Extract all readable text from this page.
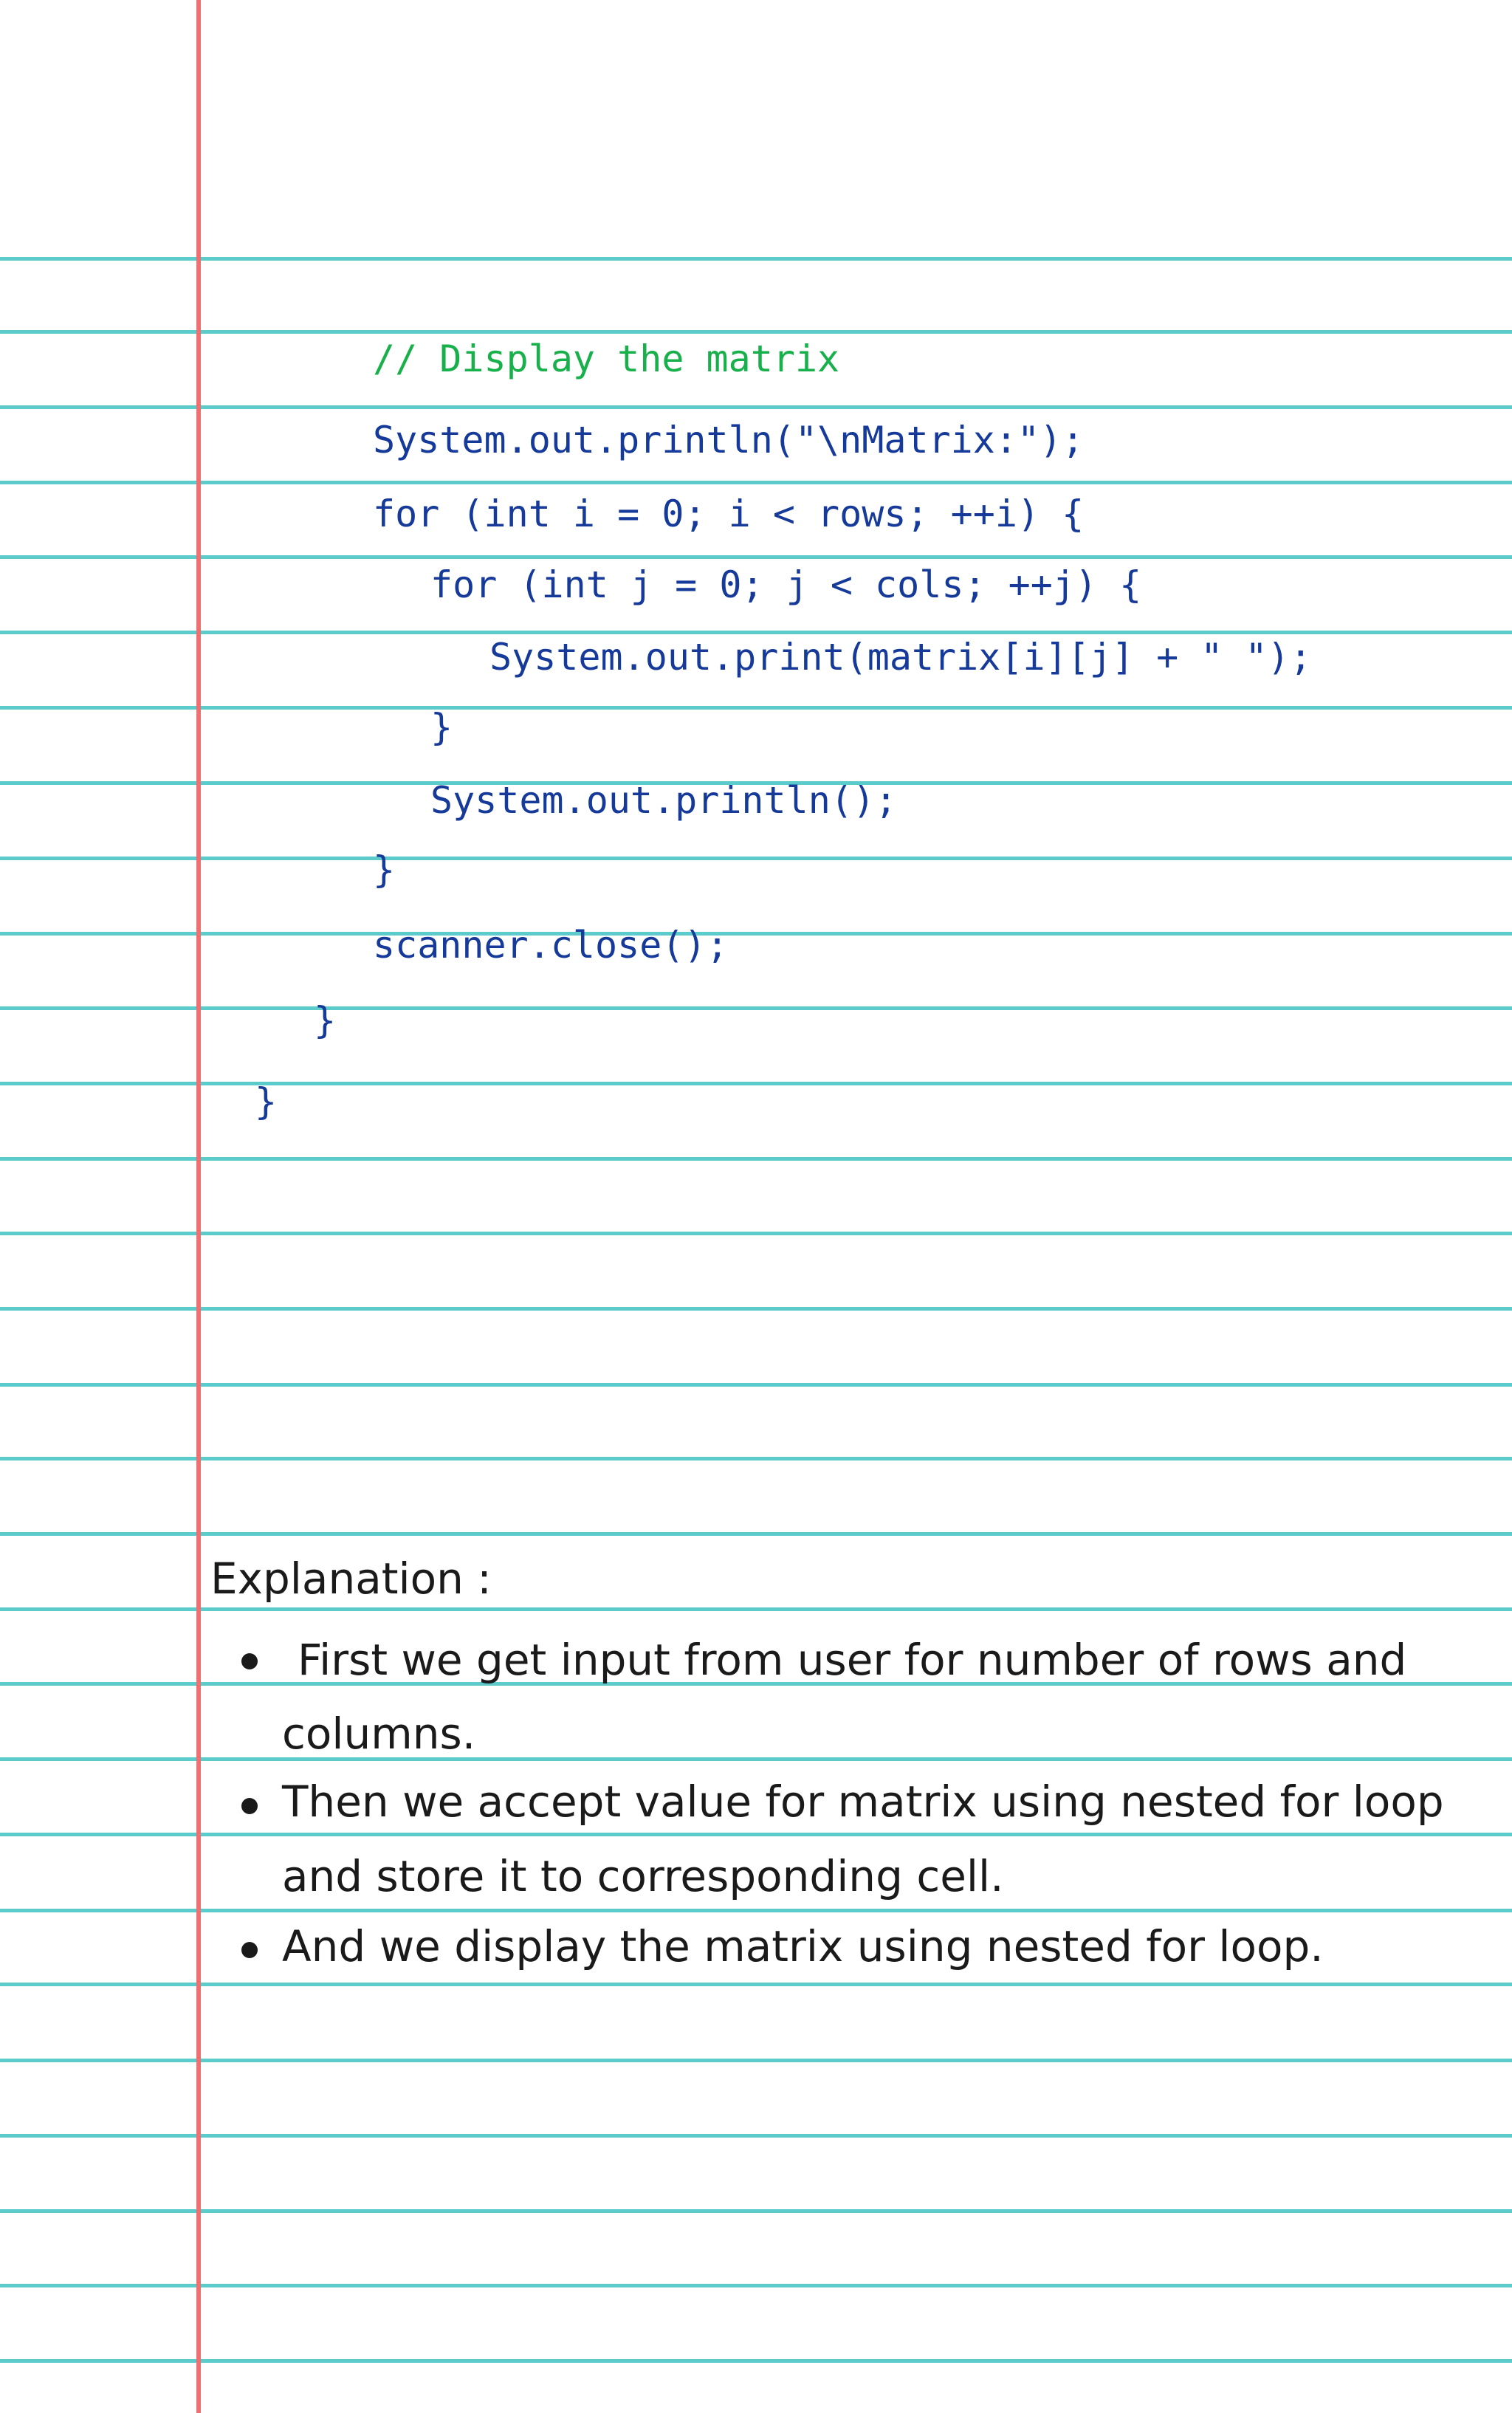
// Display the matrix
System.out.println("\nMatrix:");
for (int i = 0; i < rows; ++i) {
for (int j = 0; j < cols; ++j) {
System.out.print(matrix[i][j] + " ");
}
System.out.println();
}
scanner.close();
}
}
Explanation :
First we get input from user for number of rows and
columns.
Then we accept value for matrix using nested for loop
and store it to corresponding cell.
And we display the matrix using nested for loop.
